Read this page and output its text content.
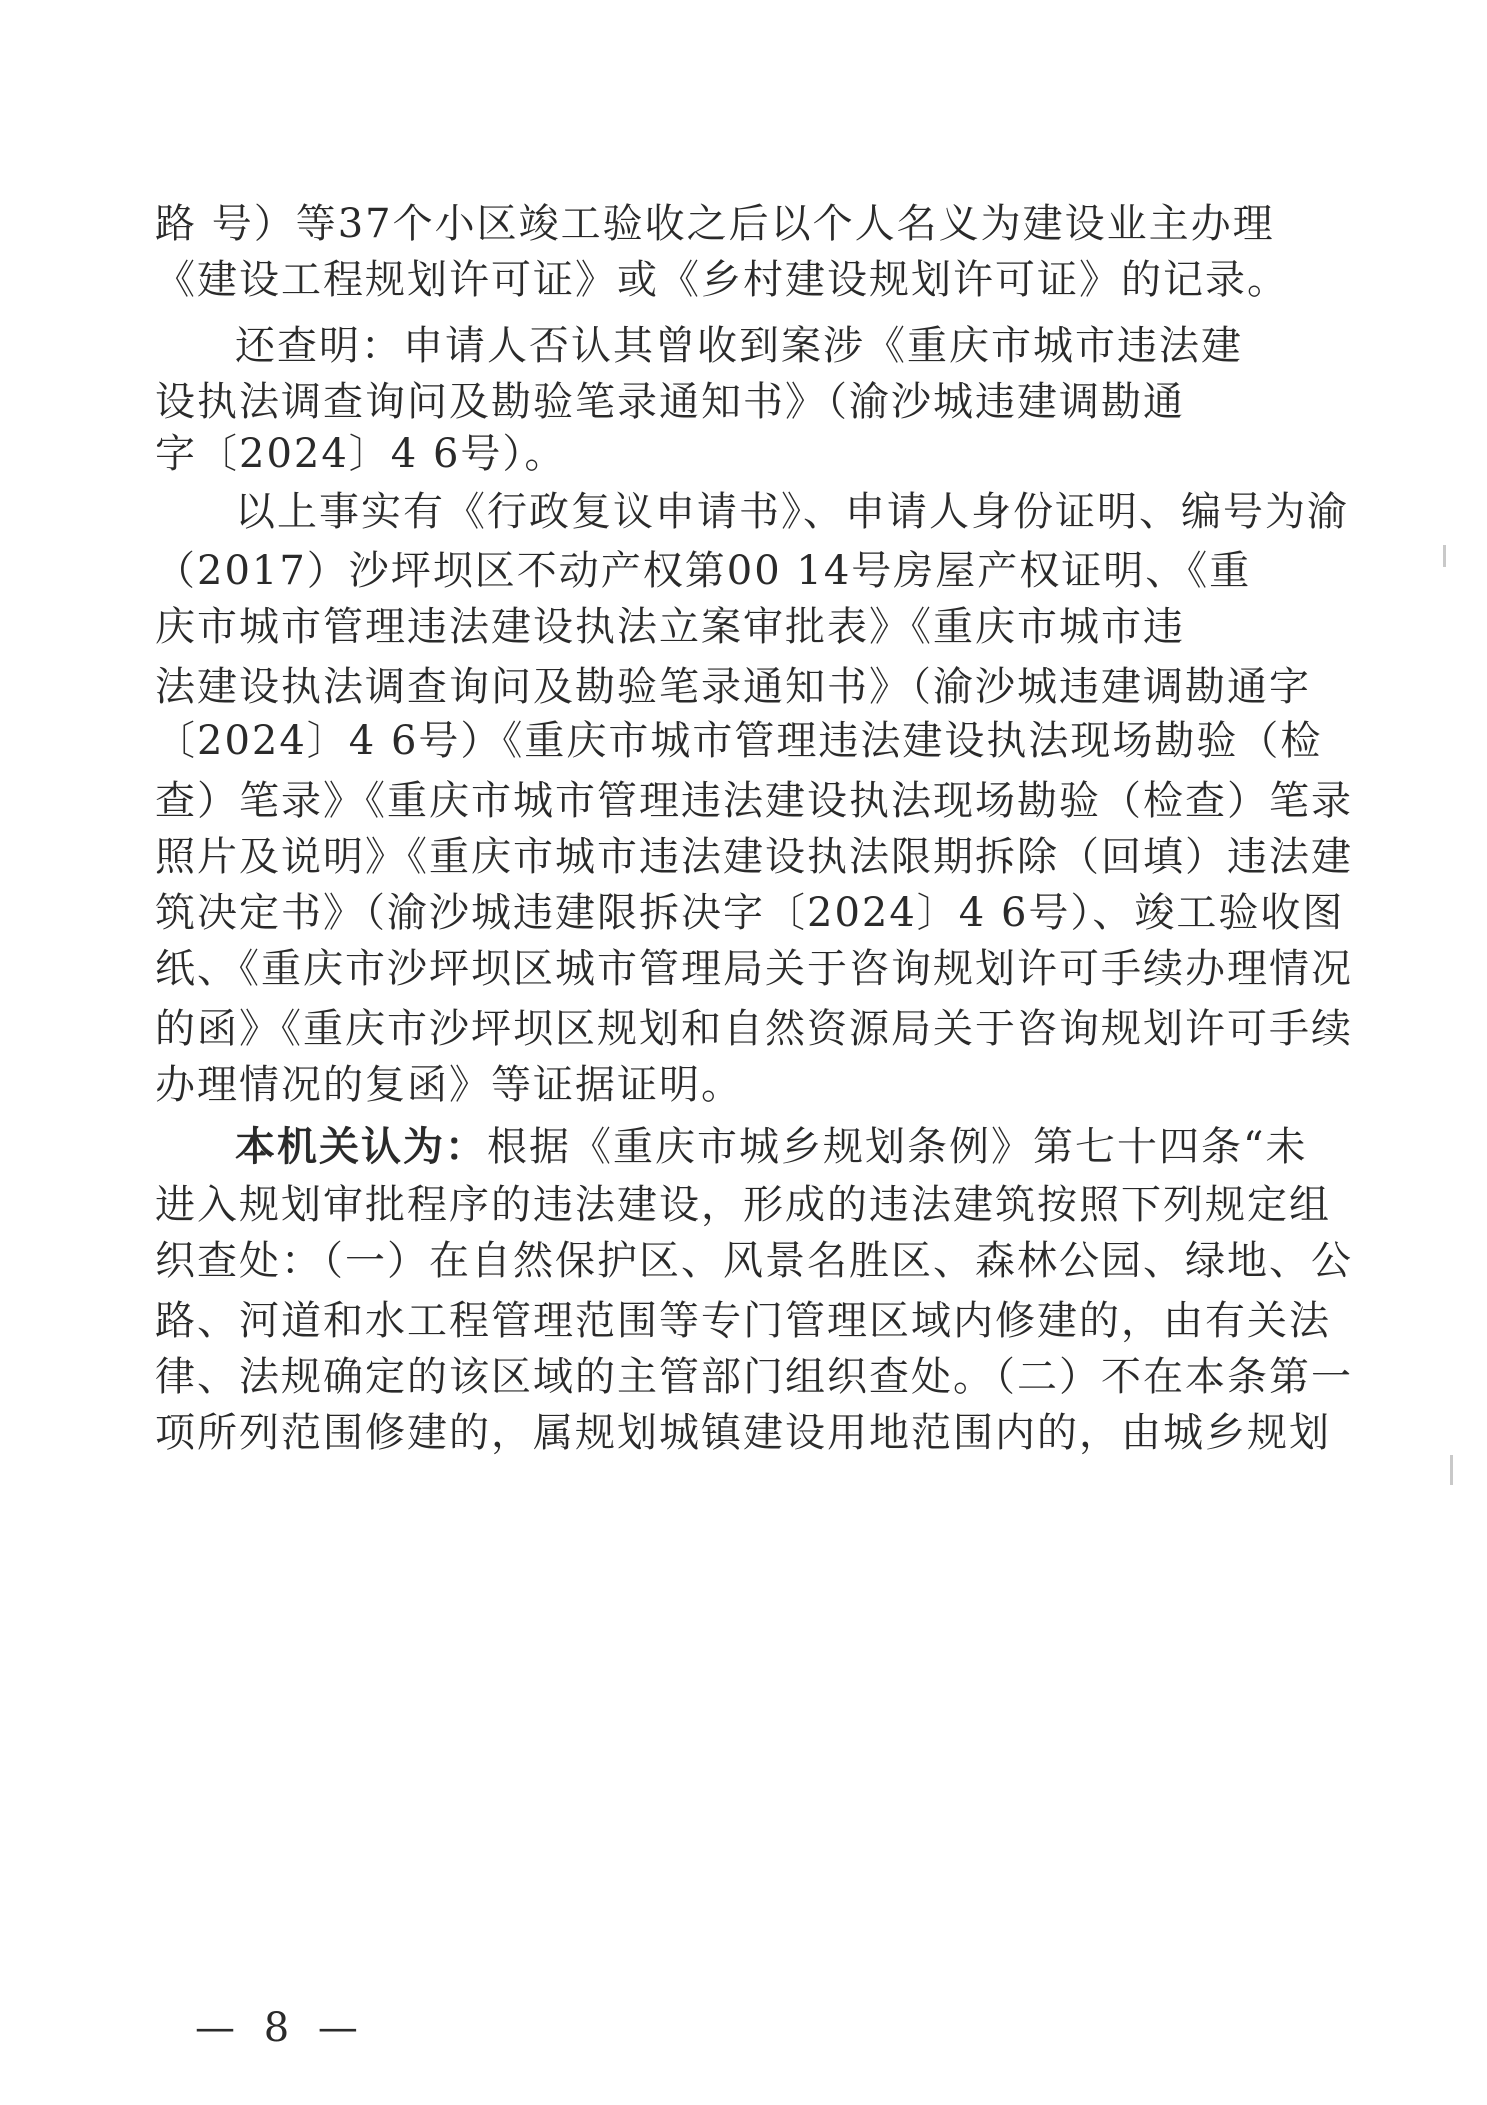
路 号）等37个小区竣工验收之后以个人名义为建设业主办理
《建设工程规划许可证》或《乡村建设规划许可证》的记录。
还查明：申请人否认其曾收到案涉《重庆市城市违法建
设执法调查询问及勘验笔录通知书》（渝沙城违建调勘通
字〔2024〕4 6号）。
以上事实有《行政复议申请书》、申请人身份证明、编号为渝
（2017）沙坪坝区不动产权第00 14号房屋产权证明、《重
庆市城市管理违法建设执法立案审批表》《重庆市城市违
法建设执法调查询问及勘验笔录通知书》（渝沙城违建调勘通字
〔2024〕4 6号）《重庆市城市管理违法建设执法现场勘验（检
查）笔录》《重庆市城市管理违法建设执法现场勘验（检查）笔录
照片及说明》《重庆市城市违法建设执法限期拆除（回填）违法建
筑决定书》（渝沙城违建限拆决字〔2024〕4 6号）、竣工验收图
纸、《重庆市沙坪坝区城市管理局关于咨询规划许可手续办理情况
的函》《重庆市沙坪坝区规划和自然资源局关于咨询规划许可手续
办理情况的复函》等证据证明。
本机关认为：根据《重庆市城乡规划条例》第七十四条“未
进入规划审批程序的违法建设，形成的违法建筑按照下列规定组
织查处：（一）在自然保护区、风景名胜区、森林公园、绿地、公
路、河道和水工程管理范围等专门管理区域内修建的，由有关法
律、法规确定的该区域的主管部门组织查处。（二）不在本条第一
项所列范围修建的，属规划城镇建设用地范围内的，由城乡规划
— 8 —
